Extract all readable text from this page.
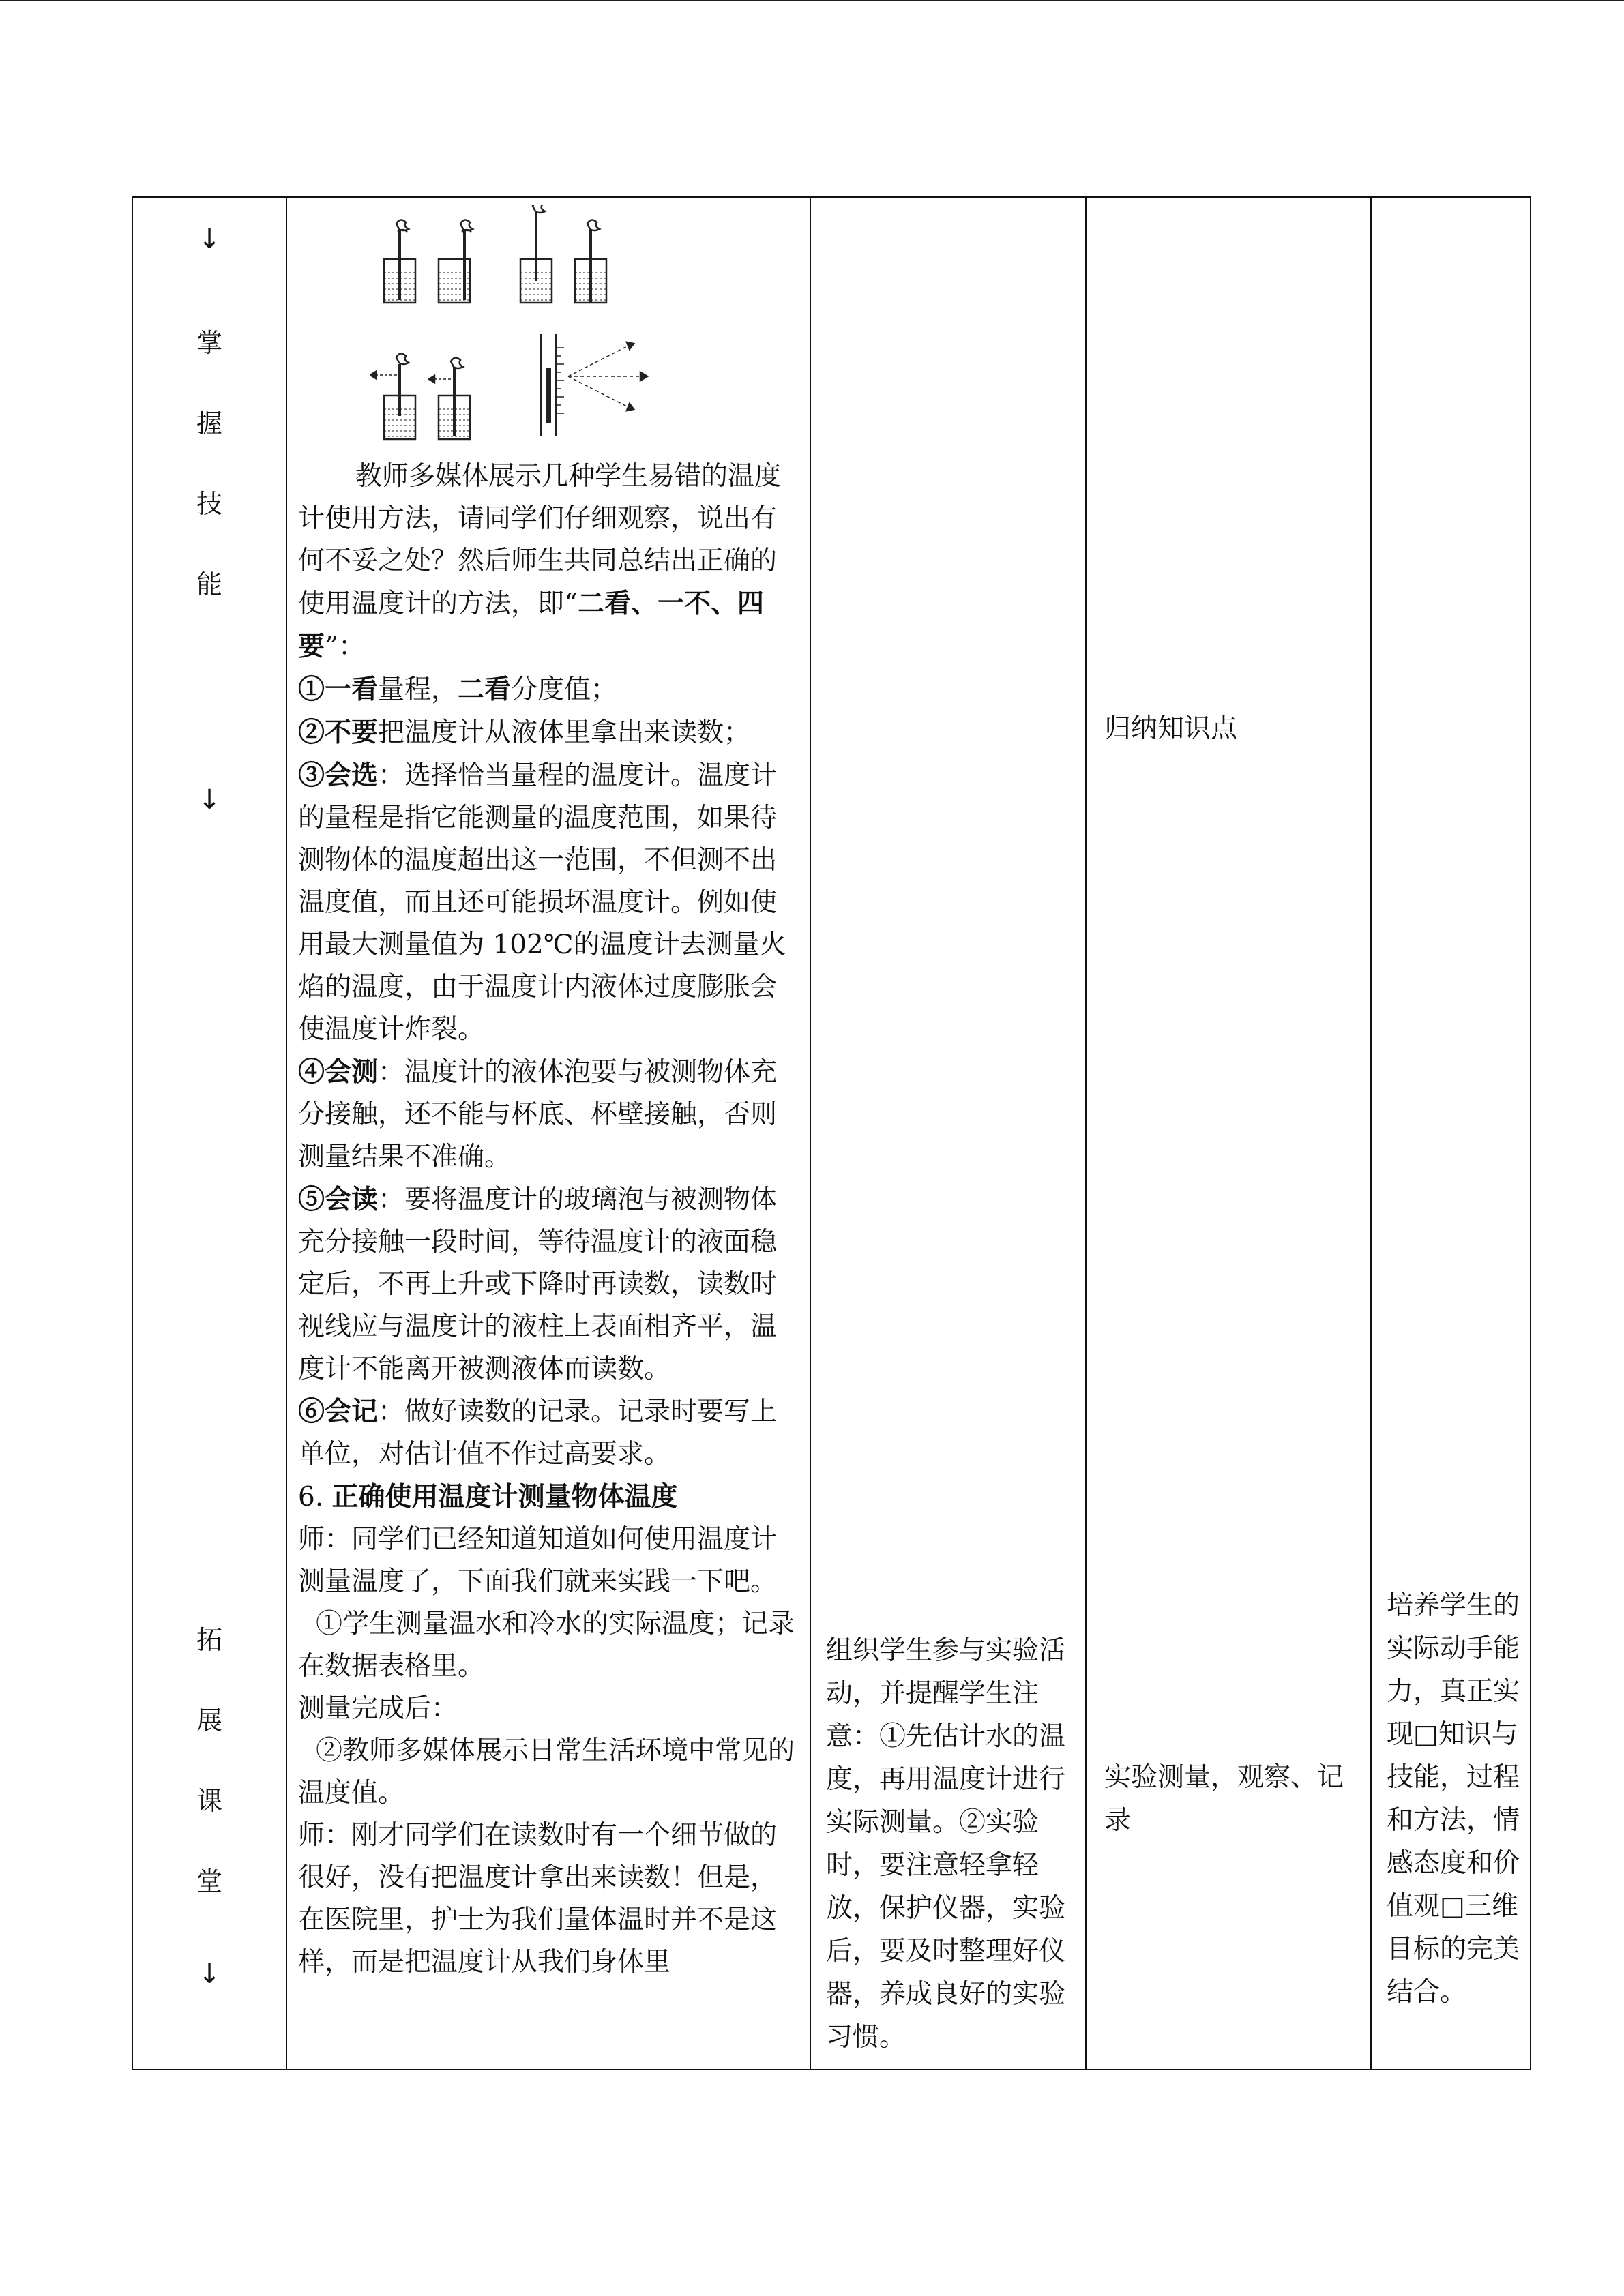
↓
掌
握
技
能
↓
拓
展
课
堂
↓

教师多媒体展示几种学生易错的温度计使用方法，请同学们仔细观察，说出有何不妥之处？然后师生共同总结出正确的使用温度计的方法，即“二看、一不、四要”：

①一看量程，二看分度值；

②不要把温度计从液体里拿出来读数；

③会选：选择恰当量程的温度计。温度计的量程是指它能测量的温度范围，如果待测物体的温度超出这一范围，不但测不出温度值，而且还可能损坏温度计。例如使用最大测量值为 102℃的温度计去测量火焰的温度，由于温度计内液体过度膨胀会使温度计炸裂。

④会测：温度计的液体泡要与被测物体充分接触，还不能与杯底、杯壁接触，否则测量结果不准确。

⑤会读：要将温度计的玻璃泡与被测物体充分接触一段时间，等待温度计的液面稳定后，不再上升或下降时再读数，读数时视线应与温度计的液柱上表面相齐平，温度计不能离开被测液体而读数。

⑥会记：做好读数的记录。记录时要写上单位，对估计值不作过高要求。

6. 正确使用温度计测量物体温度

师：同学们已经知道知道如何使用温度计测量温度了，下面我们就来实践一下吧。

①学生测量温水和冷水的实际温度；记录在数据表格里。

测量完成后：

②教师多媒体展示日常生活环境中常见的温度值。

师：刚才同学们在读数时有一个细节做的很好，没有把温度计拿出来读数！但是，在医院里，护士为我们量体温时并不是这样，而是把温度计从我们身体里

组织学生参与实验活动，并提醒学生注意：①先估计水的温度，再用温度计进行实际测量。②实验时，要注意轻拿轻放，保护仪器，实验后，要及时整理好仪器，养成良好的实验习惯。
归纳知识点
实验测量，观察、记录
培养学生的实际动手能力，真正实现□知识与技能，过程和方法，情感态度和价值观□三维目标的完美结合。
